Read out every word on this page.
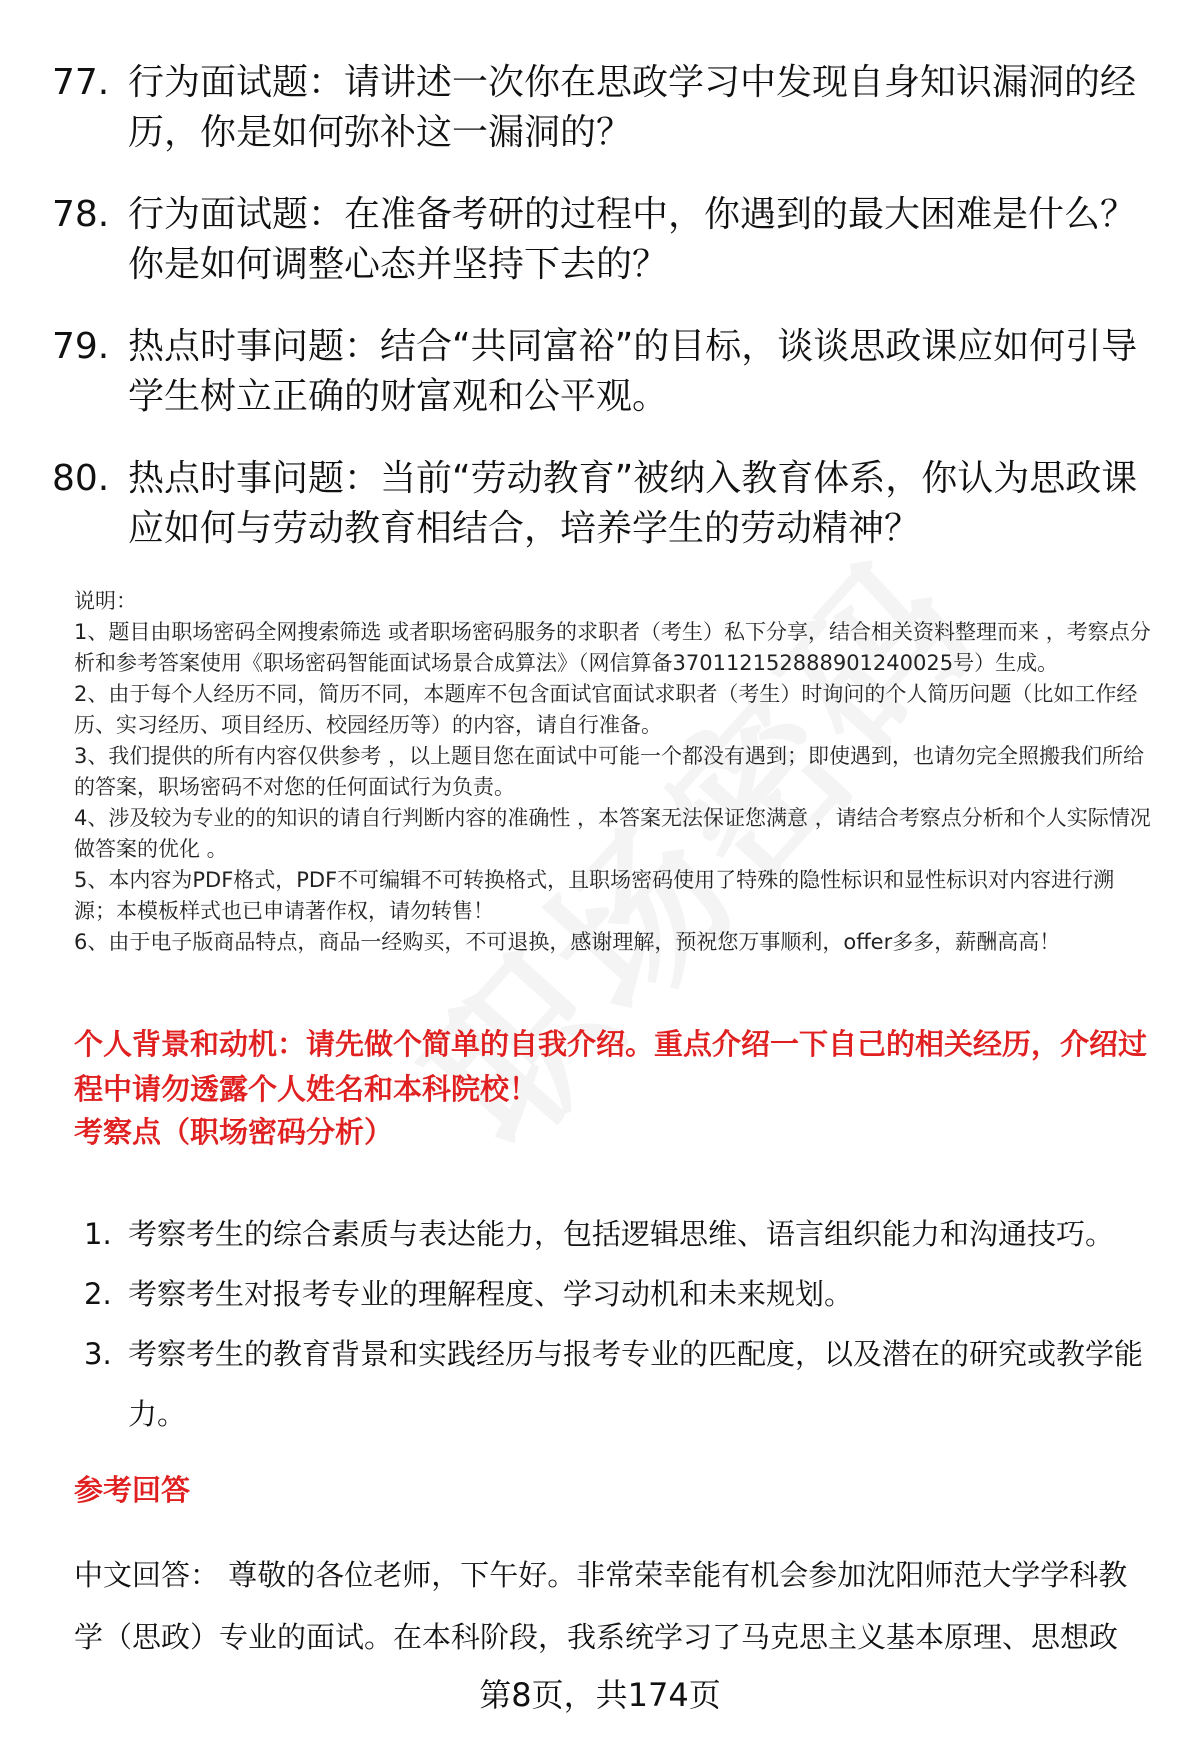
77. 行为面试题：请讲述一次你在思政学习中发现自身知识漏洞的经历，你是如何弥补这一漏洞的？
78. 行为面试题：在准备考研的过程中，你遇到的最大困难是什么？你是如何调整心态并坚持下去的？
79. 热点时事问题：结合“共同富裕”的目标，谈谈思政课应如何引导学生树立正确的财富观和公平观。
80. 热点时事问题：当前“劳动教育”被纳入教育体系，你认为思政课应如何与劳动教育相结合，培养学生的劳动精神？

说明：

1、题目由职场密码全网搜索筛选 或者职场密码服务的求职者（考生）私下分享，结合相关资料整理而来 ，考察点分析和参考答案使用《职场密码智能面试场景合成算法》（网信算备370112152888901240025号）生成。

2、由于每个人经历不同，简历不同，本题库不包含面试官面试求职者（考生）时询问的个人简历问题（比如工作经历、实习经历、项目经历、校园经历等）的内容，请自行准备。

3、我们提供的所有内容仅供参考 ，以上题目您在面试中可能一个都没有遇到；即使遇到，也请勿完全照搬我们所给的答案，职场密码不对您的任何面试行为负责。

4、涉及较为专业的的知识的请自行判断内容的准确性 ，本答案无法保证您满意 ，请结合考察点分析和个人实际情况做答案的优化 。

5、本内容为PDF格式，PDF不可编辑不可转换格式，且职场密码使用了特殊的隐性标识和显性标识对内容进行溯源；本模板样式也已申请著作权，请勿转售！

6、由于电子版商品特点，商品一经购买，不可退换，感谢理解，预祝您万事顺利，offer多多，薪酬高高！

个人背景和动机：请先做个简单的自我介绍。重点介绍一下自己的相关经历，介绍过程中请勿透露个人姓名和本科院校！
考察点（职场密码分析）
1. 考察考生的综合素质与表达能力，包括逻辑思维、语言组织能力和沟通技巧。
2. 考察考生对报考专业的理解程度、学习动机和未来规划。
3. 考察考生的教育背景和实践经历与报考专业的匹配度，以及潜在的研究或教学能力。
参考回答

中文回答： 尊敬的各位老师，下午好。非常荣幸能有机会参加沈阳师范大学学科教学（思政）专业的面试。在本科阶段，我系统学习了马克思主义基本原理、思想政

第8页，共174页
